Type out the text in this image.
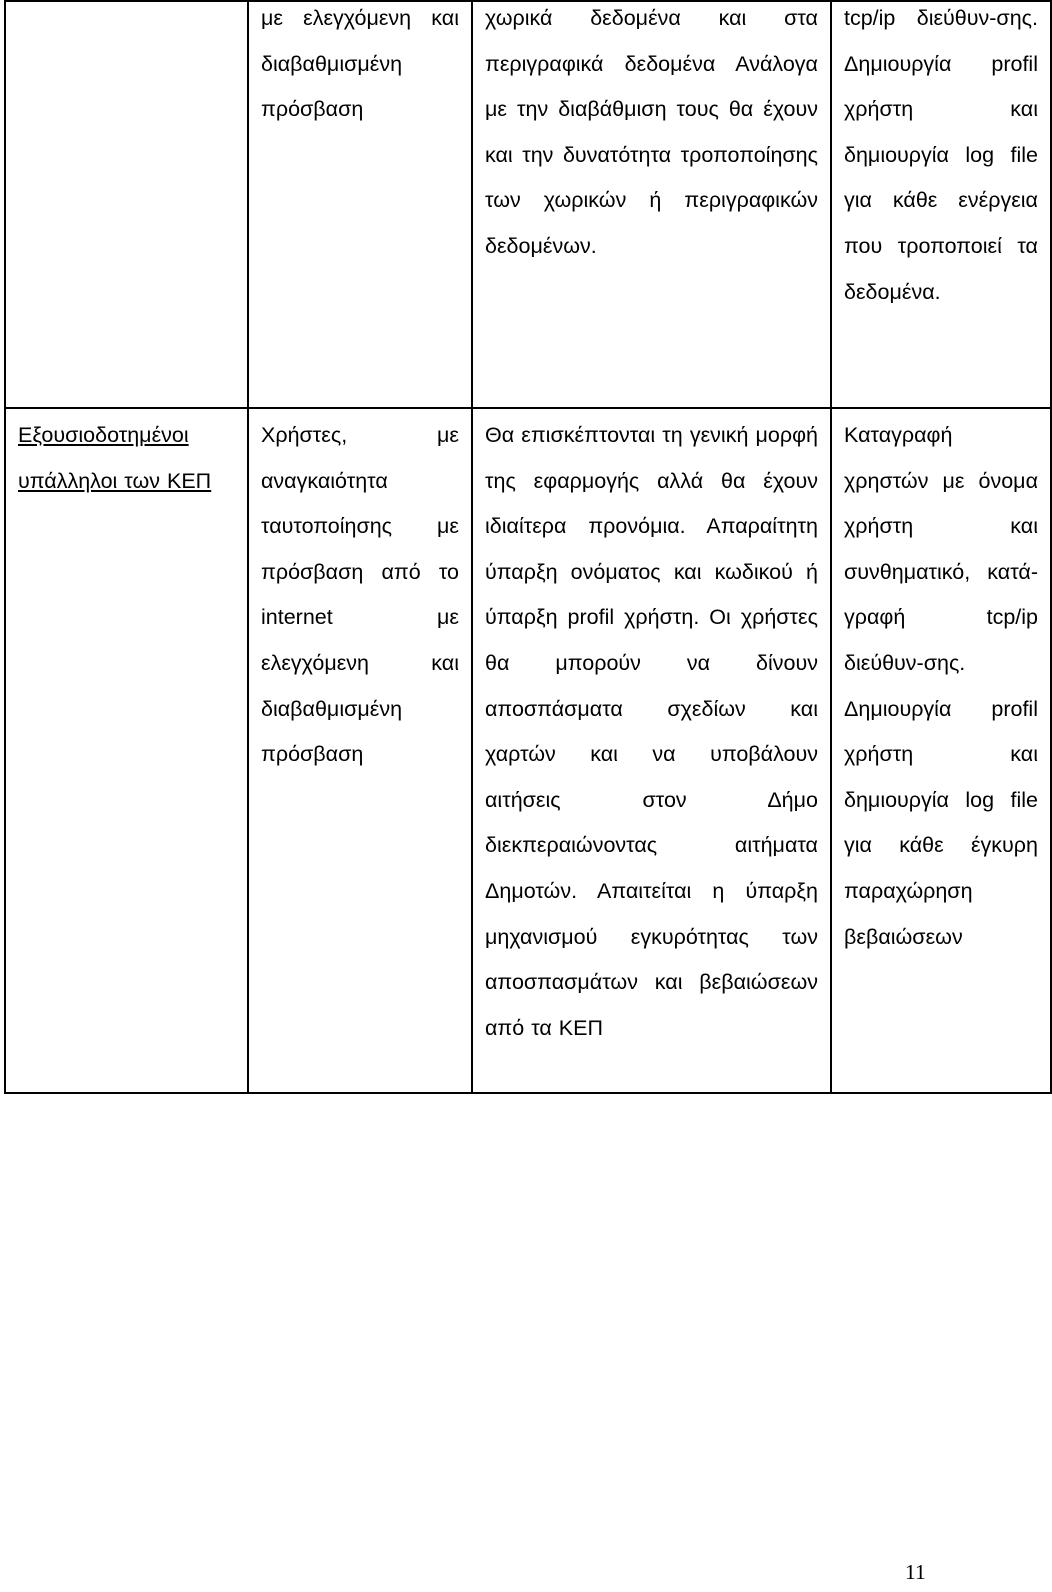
	με ελεγχόμενη και διαβαθμισμένη πρόσβαση	χωρικά δεδομένα και στα περιγραφικά δεδομένα Ανάλογα με την διαβάθμιση τους θα έχουν και την δυνατότητα τροποποίησης των χωρικών ή περιγραφικών δεδομένων.	tcp/ip διεύθυν-σης. Δημιουργία profil χρήστη και δημιουργία log file για κάθε ενέργεια που τροποποιεί τα δεδομένα.

Εξουσιοδοτημένοι υπάλληλοι των ΚΕΠ	Χρήστες, με αναγκαιότητα ταυτοποίησης με πρόσβαση από το internet με ελεγχόμενη και διαβαθμισμένη πρόσβαση	Θα επισκέπτονται τη γενική μορφή της εφαρμογής αλλά θα έχουν ιδιαίτερα προνόμια. Απαραίτητη ύπαρξη ονόματος και κωδικού ή ύπαρξη profil χρήστη. Οι χρήστες θα μπορούν να δίνουν αποσπάσματα σχεδίων και χαρτών και να υποβάλουν αιτήσεις στον Δήμο διεκπεραιώνοντας αιτήματα Δημοτών. Απαιτείται η ύπαρξη μηχανισμού εγκυρότητας των αποσπασμάτων και βεβαιώσεων από τα ΚΕΠ	Καταγραφή χρηστών με όνομα χρήστη και συνθηματικό, κατά-γραφή tcp/ip διεύθυν-σης. Δημιουργία profil χρήστη και δημιουργία log file για κάθε έγκυρη παραχώρηση βεβαιώσεων
11
